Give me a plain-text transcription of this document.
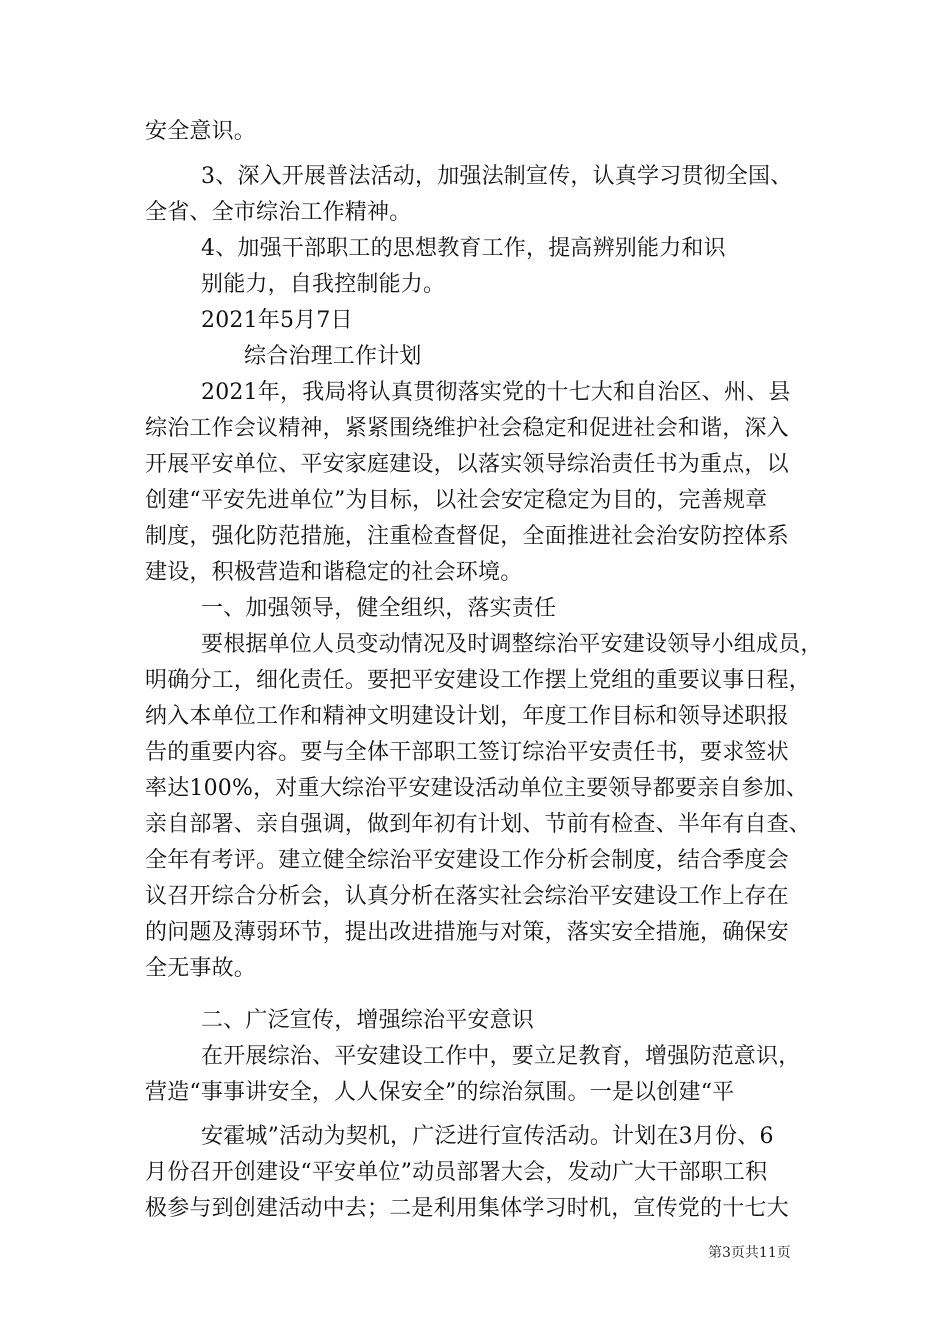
安全意识。
3、深入开展普法活动，加强法制宣传，认真学习贯彻全国、
全省、全市综治工作精神。
4、加强干部职工的思想教育工作，提高辨别能力和识
别能力，自我控制能力。
2021年5月7日
综合治理工作计划
2021年，我局将认真贯彻落实党的十七大和自治区、州、县
综治工作会议精神，紧紧围绕维护社会稳定和促进社会和谐，深入
开展平安单位、平安家庭建设，以落实领导综治责任书为重点，以
创建“平安先进单位”为目标，以社会安定稳定为目的，完善规章
制度，强化防范措施，注重检查督促，全面推进社会治安防控体系
建设，积极营造和谐稳定的社会环境。
一、加强领导，健全组织，落实责任
要根据单位人员变动情况及时调整综治平安建设领导小组成员，
明确分工，细化责任。要把平安建设工作摆上党组的重要议事日程，
纳入本单位工作和精神文明建设计划，年度工作目标和领导述职报
告的重要内容。要与全体干部职工签订综治平安责任书，要求签状
率达100%，对重大综治平安建设活动单位主要领导都要亲自参加、
亲自部署、亲自强调，做到年初有计划、节前有检查、半年有自查、
全年有考评。建立健全综治平安建设工作分析会制度，结合季度会
议召开综合分析会，认真分析在落实社会综治平安建设工作上存在
的问题及薄弱环节，提出改进措施与对策，落实安全措施，确保安
全无事故。
二、广泛宣传，增强综治平安意识
在开展综治、平安建设工作中，要立足教育，增强防范意识，
营造“事事讲安全，人人保安全”的综治氛围。一是以创建“平
安霍城”活动为契机，广泛进行宣传活动。计划在3月份、6
月份召开创建设“平安单位”动员部署大会，发动广大干部职工积
极参与到创建活动中去；二是利用集体学习时机，宣传党的十七大
第3页共11页
